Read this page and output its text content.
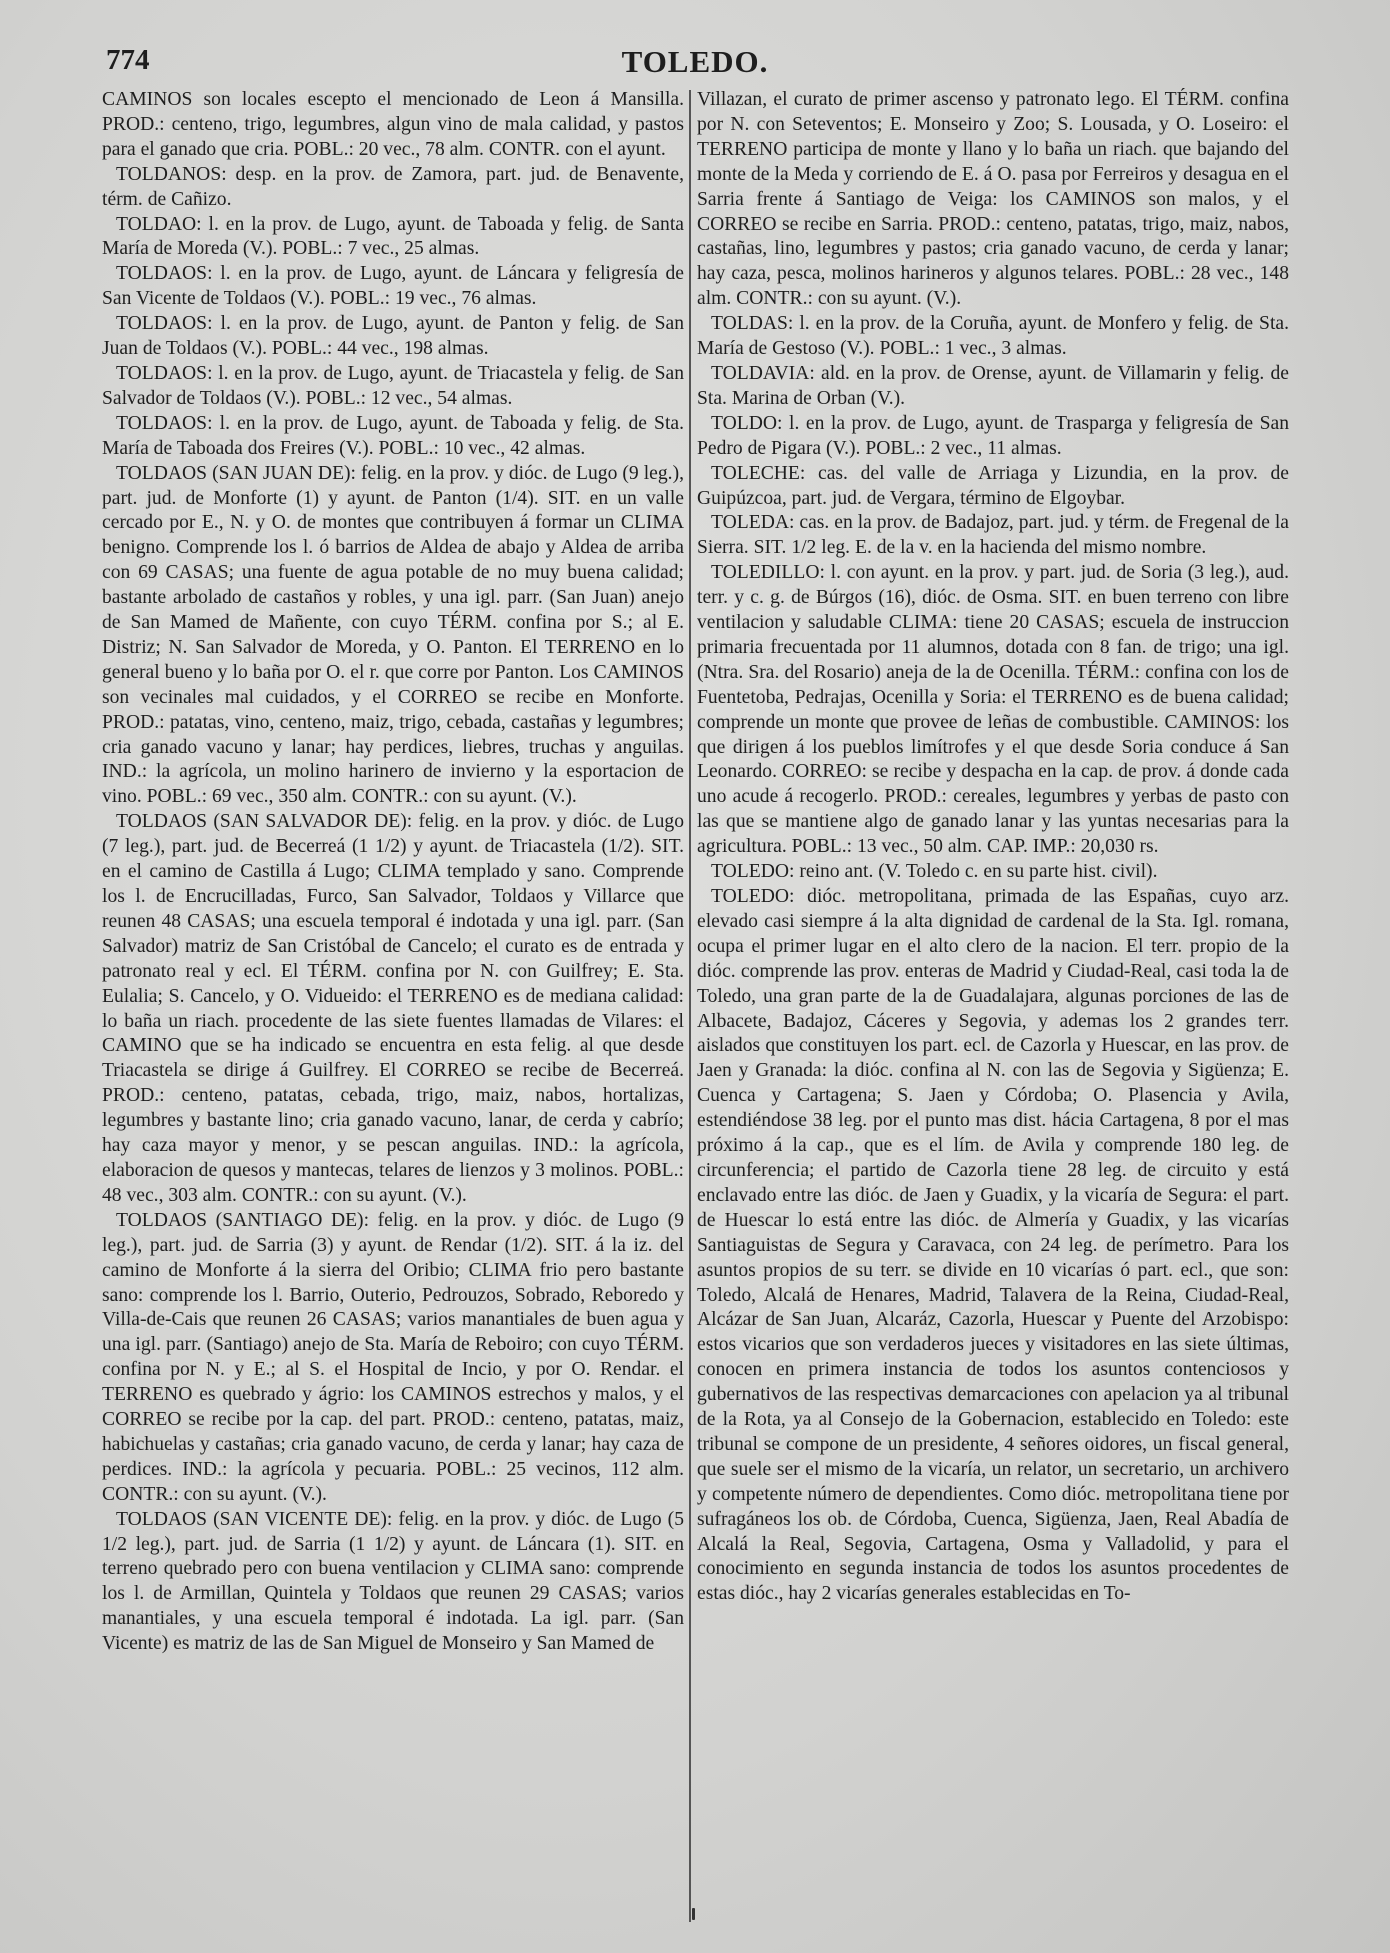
774	TOLEDO.

CAMINOS son locales escepto el mencionado de Leon á Mansilla. PROD.: centeno, trigo, legumbres, algun vino de mala calidad, y pastos para el ganado que cria. POBL.: 20 vec., 78 alm. CONTR. con el ayunt.

TOLDANOS: desp. en la prov. de Zamora, part. jud. de Benavente, térm. de Cañizo.

TOLDAO: l. en la prov. de Lugo, ayunt. de Taboada y felig. de Santa María de Moreda (V.). POBL.: 7 vec., 25 almas.

TOLDAOS: l. en la prov. de Lugo, ayunt. de Láncara y feligresía de San Vicente de Toldaos (V.). POBL.: 19 vec., 76 almas.

TOLDAOS: l. en la prov. de Lugo, ayunt. de Panton y felig. de San Juan de Toldaos (V.). POBL.: 44 vec., 198 almas.

TOLDAOS: l. en la prov. de Lugo, ayunt. de Triacastela y felig. de San Salvador de Toldaos (V.). POBL.: 12 vec., 54 almas.

TOLDAOS: l. en la prov. de Lugo, ayunt. de Taboada y felig. de Sta. María de Taboada dos Freires (V.). POBL.: 10 vec., 42 almas.

TOLDAOS (SAN JUAN DE): felig. en la prov. y dióc. de Lugo (9 leg.), part. jud. de Monforte (1) y ayunt. de Panton (1/4). SIT. en un valle cercado por E., N. y O. de montes que contribuyen á formar un CLIMA benigno. Comprende los l. ó barrios de Aldea de abajo y Aldea de arriba con 69 CASAS; una fuente de agua potable de no muy buena calidad; bastante arbolado de castaños y robles, y una igl. parr. (San Juan) anejo de San Mamed de Mañente, con cuyo TÉRM. confina por S.; al E. Distriz; N. San Salvador de Moreda, y O. Panton. El TERRENO en lo general bueno y lo baña por O. el r. que corre por Panton. Los CAMINOS son vecinales mal cuidados, y el CORREO se recibe en Monforte. PROD.: patatas, vino, centeno, maiz, trigo, cebada, castañas y legumbres; cria ganado vacuno y lanar; hay perdices, liebres, truchas y anguilas. IND.: la agrícola, un molino harinero de invierno y la esportacion de vino. POBL.: 69 vec., 350 alm. CONTR.: con su ayunt. (V.).

TOLDAOS (SAN SALVADOR DE): felig. en la prov. y dióc. de Lugo (7 leg.), part. jud. de Becerreá (1 1/2) y ayunt. de Triacastela (1/2). SIT. en el camino de Castilla á Lugo; CLIMA templado y sano. Comprende los l. de Encrucilladas, Furco, San Salvador, Toldaos y Villarce que reunen 48 CASAS; una escuela temporal é indotada y una igl. parr. (San Salvador) matriz de San Cristóbal de Cancelo; el curato es de entrada y patronato real y ecl. El TÉRM. confina por N. con Guilfrey; E. Sta. Eulalia; S. Cancelo, y O. Vidueido: el TERRENO es de mediana calidad: lo baña un riach. procedente de las siete fuentes llamadas de Vilares: el CAMINO que se ha indicado se encuentra en esta felig. al que desde Triacastela se dirige á Guilfrey. El CORREO se recibe de Becerreá. PROD.: centeno, patatas, cebada, trigo, maiz, nabos, hortalizas, legumbres y bastante lino; cria ganado vacuno, lanar, de cerda y cabrío; hay caza mayor y menor, y se pescan anguilas. IND.: la agrícola, elaboracion de quesos y mantecas, telares de lienzos y 3 molinos. POBL.: 48 vec., 303 alm. CONTR.: con su ayunt. (V.).

TOLDAOS (SANTIAGO DE): felig. en la prov. y dióc. de Lugo (9 leg.), part. jud. de Sarria (3) y ayunt. de Rendar (1/2). SIT. á la iz. del camino de Monforte á la sierra del Oribio; CLIMA frio pero bastante sano: comprende los l. Barrio, Outerio, Pedrouzos, Sobrado, Reboredo y Villa-de-Cais que reunen 26 CASAS; varios manantiales de buen agua y una igl. parr. (Santiago) anejo de Sta. María de Reboiro; con cuyo TÉRM. confina por N. y E.; al S. el Hospital de Incio, y por O. Rendar. el TERRENO es quebrado y ágrio: los CAMINOS estrechos y malos, y el CORREO se recibe por la cap. del part. PROD.: centeno, patatas, maiz, habichuelas y castañas; cria ganado vacuno, de cerda y lanar; hay caza de perdices. IND.: la agrícola y pecuaria. POBL.: 25 vecinos, 112 alm. CONTR.: con su ayunt. (V.).

TOLDAOS (SAN VICENTE DE): felig. en la prov. y dióc. de Lugo (5 1/2 leg.), part. jud. de Sarria (1 1/2) y ayunt. de Láncara (1). SIT. en terreno quebrado pero con buena ventilacion y CLIMA sano: comprende los l. de Armillan, Quintela y Toldaos que reunen 29 CASAS; varios manantiales, y una escuela temporal é indotada. La igl. parr. (San Vicente) es matriz de las de San Miguel de Monseiro y San Mamed de

Villazan, el curato de primer ascenso y patronato lego. El TÉRM. confina por N. con Seteventos; E. Monseiro y Zoo; S. Lousada, y O. Loseiro: el TERRENO participa de monte y llano y lo baña un riach. que bajando del monte de la Meda y corriendo de E. á O. pasa por Ferreiros y desagua en el Sarria frente á Santiago de Veiga: los CAMINOS son malos, y el CORREO se recibe en Sarria. PROD.: centeno, patatas, trigo, maiz, nabos, castañas, lino, legumbres y pastos; cria ganado vacuno, de cerda y lanar; hay caza, pesca, molinos harineros y algunos telares. POBL.: 28 vec., 148 alm. CONTR.: con su ayunt. (V.).

TOLDAS: l. en la prov. de la Coruña, ayunt. de Monfero y felig. de Sta. María de Gestoso (V.). POBL.: 1 vec., 3 almas.

TOLDAVIA: ald. en la prov. de Orense, ayunt. de Villamarin y felig. de Sta. Marina de Orban (V.).

TOLDO: l. en la prov. de Lugo, ayunt. de Trasparga y feligresía de San Pedro de Pigara (V.). POBL.: 2 vec., 11 almas.

TOLECHE: cas. del valle de Arriaga y Lizundia, en la prov. de Guipúzcoa, part. jud. de Vergara, término de Elgoybar.

TOLEDA: cas. en la prov. de Badajoz, part. jud. y térm. de Fregenal de la Sierra. SIT. 1/2 leg. E. de la v. en la hacienda del mismo nombre.

TOLEDILLO: l. con ayunt. en la prov. y part. jud. de Soria (3 leg.), aud. terr. y c. g. de Búrgos (16), dióc. de Osma. SIT. en buen terreno con libre ventilacion y saludable CLIMA: tiene 20 CASAS; escuela de instruccion primaria frecuentada por 11 alumnos, dotada con 8 fan. de trigo; una igl. (Ntra. Sra. del Rosario) aneja de la de Ocenilla. TÉRM.: confina con los de Fuentetoba, Pedrajas, Ocenilla y Soria: el TERRENO es de buena calidad; comprende un monte que provee de leñas de combustible. CAMINOS: los que dirigen á los pueblos limítrofes y el que desde Soria conduce á San Leonardo. CORREO: se recibe y despacha en la cap. de prov. á donde cada uno acude á recogerlo. PROD.: cereales, legumbres y yerbas de pasto con las que se mantiene algo de ganado lanar y las yuntas necesarias para la agricultura. POBL.: 13 vec., 50 alm. CAP. IMP.: 20,030 rs.

TOLEDO: reino ant. (V. Toledo c. en su parte hist. civil).

TOLEDO: dióc. metropolitana, primada de las Españas, cuyo arz. elevado casi siempre á la alta dignidad de cardenal de la Sta. Igl. romana, ocupa el primer lugar en el alto clero de la nacion. El terr. propio de la dióc. comprende las prov. enteras de Madrid y Ciudad-Real, casi toda la de Toledo, una gran parte de la de Guadalajara, algunas porciones de las de Albacete, Badajoz, Cáceres y Segovia, y ademas los 2 grandes terr. aislados que constituyen los part. ecl. de Cazorla y Huescar, en las prov. de Jaen y Granada: la dióc. confina al N. con las de Segovia y Sigüenza; E. Cuenca y Cartagena; S. Jaen y Córdoba; O. Plasencia y Avila, estendiéndose 38 leg. por el punto mas dist. hácia Cartagena, 8 por el mas próximo á la cap., que es el lím. de Avila y comprende 180 leg. de circunferencia; el partido de Cazorla tiene 28 leg. de circuito y está enclavado entre las dióc. de Jaen y Guadix, y la vicaría de Segura: el part. de Huescar lo está entre las dióc. de Almería y Guadix, y las vicarías Santiaguistas de Segura y Caravaca, con 24 leg. de perímetro. Para los asuntos propios de su terr. se divide en 10 vicarías ó part. ecl., que son: Toledo, Alcalá de Henares, Madrid, Talavera de la Reina, Ciudad-Real, Alcázar de San Juan, Alcaráz, Cazorla, Huescar y Puente del Arzobispo: estos vicarios que son verdaderos jueces y visitadores en las siete últimas, conocen en primera instancia de todos los asuntos contenciosos y gubernativos de las respectivas demarcaciones con apelacion ya al tribunal de la Rota, ya al Consejo de la Gobernacion, establecido en Toledo: este tribunal se compone de un presidente, 4 señores oidores, un fiscal general, que suele ser el mismo de la vicaría, un relator, un secretario, un archivero y competente número de dependientes. Como dióc. metropolitana tiene por sufragáneos los ob. de Córdoba, Cuenca, Sigüenza, Jaen, Real Abadía de Alcalá la Real, Segovia, Cartagena, Osma y Valladolid, y para el conocimiento en segunda instancia de todos los asuntos procedentes de estas dióc., hay 2 vicarías generales establecidas en To-
